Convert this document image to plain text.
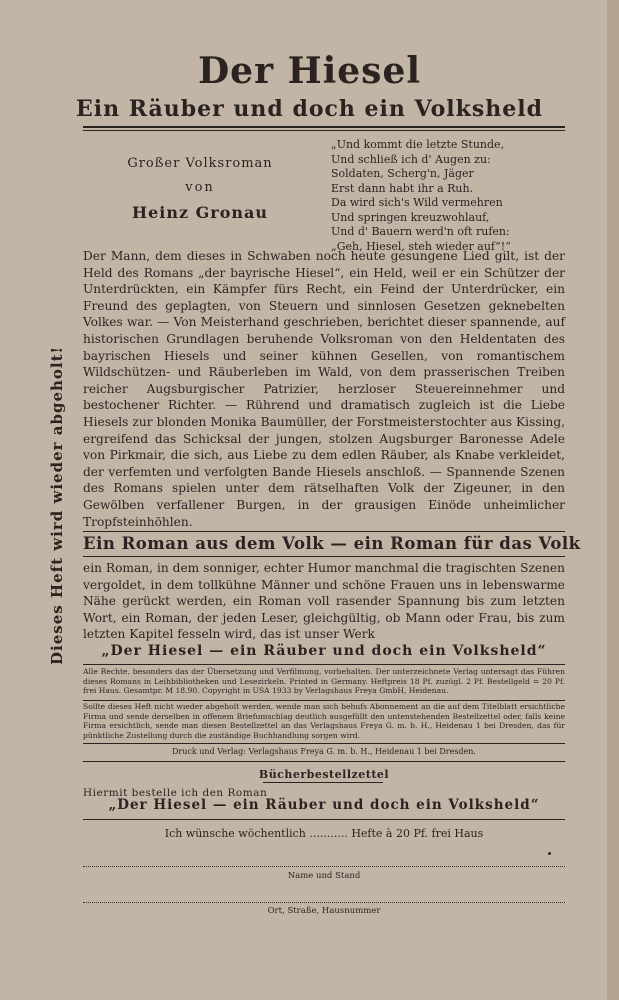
Der Hiesel
Ein Räuber und doch ein Volksheld
Dieses Heft wird wieder abgeholt!
Großer Volksroman
von
Heinz Gronau
„Und kommt die letzte Stunde,
Und schließ ich d' Augen zu:
Soldaten, Scherg'n, Jäger
Erst dann habt ihr a Ruh.
Da wird sich's Wild vermehren
Und springen kreuzwohlauf,
Und d' Bauern werd'n oft rufen:
„Geh, Hiesel, steh wieder auf“!“
Der Mann, dem dieses in Schwaben noch heute gesungene Lied gilt, ist der Held des Romans „der bayrische Hiesel“, ein Held, weil er ein Schützer der Unterdrückten, ein Kämpfer fürs Recht, ein Feind der Unterdrücker, ein Freund des geplagten, von Steuern und sinnlosen Gesetzen geknebelten Volkes war. — Von Meisterhand geschrieben, berichtet dieser spannende, auf historischen Grundlagen beruhende Volksroman von den Heldentaten des bayrischen Hiesels und seiner kühnen Gesellen, von romantischem Wildschützen- und Räuberleben im Wald, von dem prasserischen Treiben reicher Augsburgischer Patrizier, herzloser Steuereinnehmer und bestochener Richter. — Rührend und dramatisch zugleich ist die Liebe Hiesels zur blonden Monika Baumüller, der Forstmeisterstochter aus Kissing, ergreifend das Schicksal der jungen, stolzen Augsburger Baronesse Adele von Pirkmair, die sich, aus Liebe zu dem edlen Räuber, als Knabe verkleidet, der verfemten und verfolgten Bande Hiesels anschloß. — Spannende Szenen des Romans spielen unter dem rätselhaften Volk der Zigeuner, in den Gewölben verfallener Burgen, in der grausigen Einöde unheimlicher Tropfsteinhöhlen.
Ein Roman aus dem Volk — ein Roman für das Volk
ein Roman, in dem sonniger, echter Humor manchmal die tragischten Szenen vergoldet, in dem tollkühne Männer und schöne Frauen uns in lebenswarme Nähe gerückt werden, ein Roman voll rasender Spannung bis zum letzten Wort, ein Roman, der jeden Leser, gleichgültig, ob Mann oder Frau, bis zum letzten Kapitel fesseln wird, das ist unser Werk
„Der Hiesel — ein Räuber und doch ein Volksheld“
Alle Rechte, besonders das der Übersetzung und Verfilmung, vorbehalten. Der unterzeichnete Verlag untersagt das Führen dieses Romans in Leihbibliotheken und Lesezirkeln. Printed in Germany. Heftpreis 18 Pf. zuzügl. 2 Pf. Bestellgeld = 20 Pf. frei Haus. Gesamtpr. M 18.90. Copyright in USA 1933 by Verlagshaus Freya GmbH, Heidenau.
Sollte dieses Heft nicht wieder abgeholt werden, wende man sich behufs Abonnement an die auf dem Titelblatt ersichtliche Firma und sende derselben in offenem Briefumschlag deutlich ausgefüllt den untenstehenden Bestellzettel oder, falls keine Firma ersichtlich, sende man diesen Bestellzettel an das Verlagshaus Freya G. m. b. H., Heidenau 1 bei Dresden, das für pünktliche Zustellung durch die zuständige Buchhandlung sorgen wird.
Druck und Verlag: Verlagshaus Freya G. m. b. H., Heidenau 1 bei Dresden.
Bücherbestellzettel
Hiermit bestelle ich den Roman
„Der Hiesel — ein Räuber und doch ein Volksheld“
Ich wünsche wöchentlich ........... Hefte à 20 Pf. frei Haus
Name und Stand
Ort, Straße, Hausnummer
